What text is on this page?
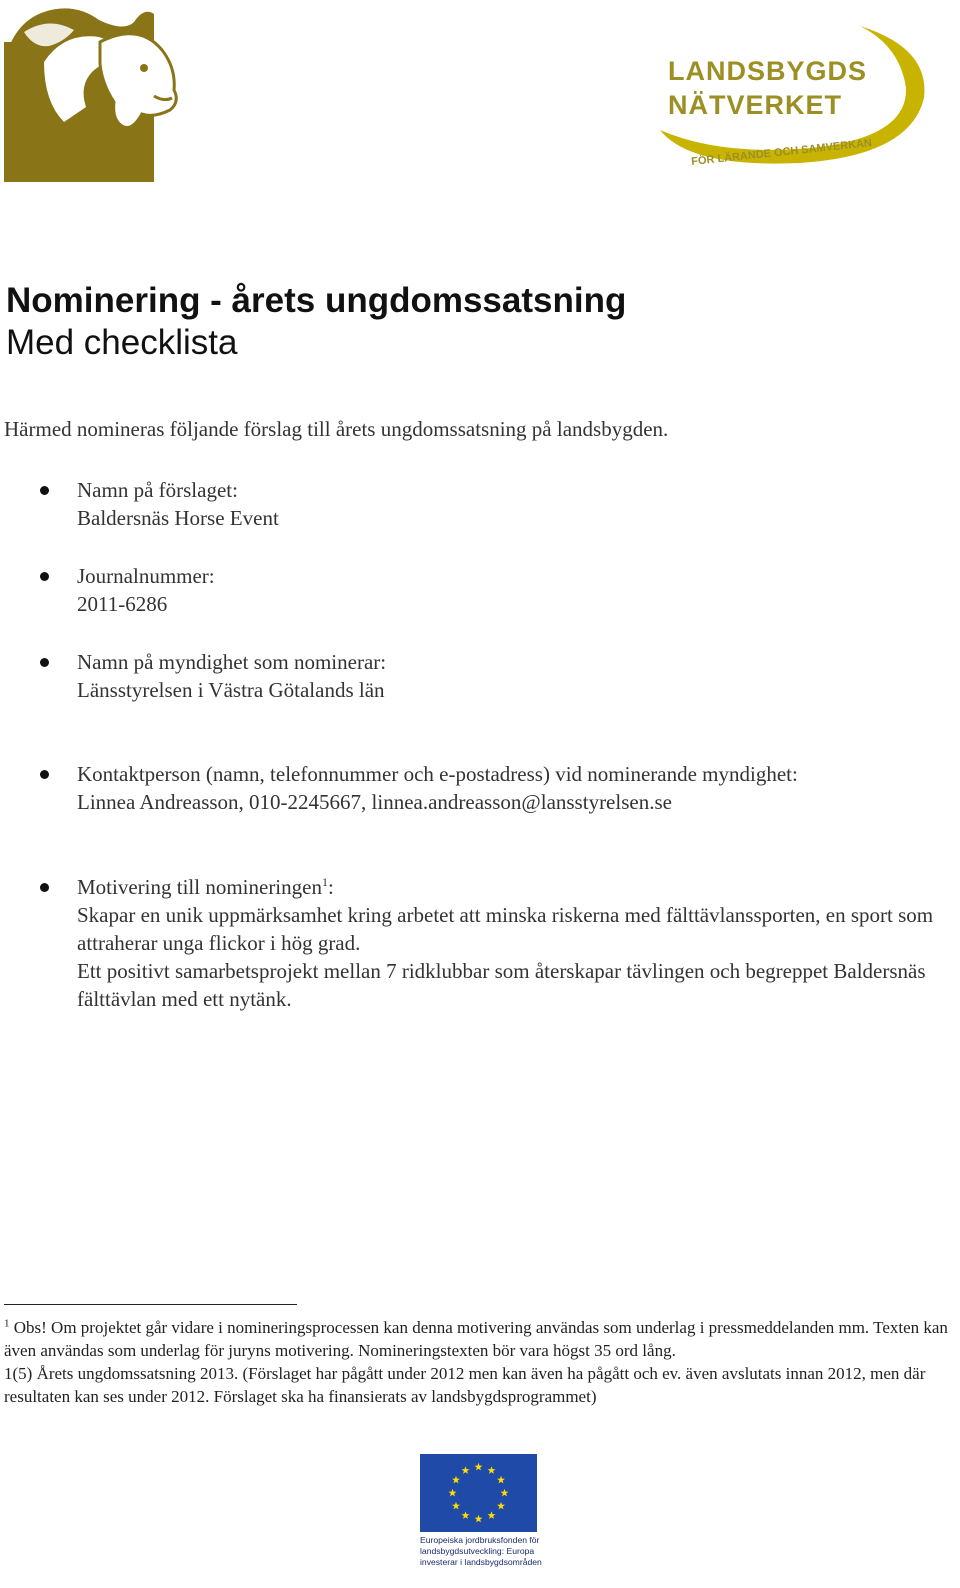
LANDSBYGDS
NÄTVERKET
FÖR LÄRANDE OCH SAMVERKAN
Nominering - årets ungdomssatsning
Med checklista

Härmed nomineras följande förslag till årets ungdomssatsning på landsbygden.

Namn på förslaget:

Baldersnäs Horse Event

Journalnummer:

2011-6286

Namn på myndighet som nominerar:

Länsstyrelsen i Västra Götalands län

Kontaktperson (namn, telefonnummer och e-postadress) vid nominerande myndighet:

Linnea Andreasson, 010-2245667, linnea.andreasson@lansstyrelsen.se

Motivering till nomineringen$^1$:

Skapar en unik uppmärksamhet kring arbetet att minska riskerna med fälttävlanssporten, en sport som attraherar unga flickor i hög grad.

Ett positivt samarbetsprojekt mellan 7 ridklubbar som återskapar tävlingen och begreppet Baldersnäs fälttävlan med ett nytänk.

$^1$ Obs! Om projektet går vidare i nomineringsprocessen kan denna motivering användas som underlag i pressmeddelanden mm. Texten kan även användas som underlag för juryns motivering. Nomineringstexten bör vara högst 35 ord lång.

1(5) Årets ungdomssatsning 2013. (Förslaget har pågått under 2012 men kan även ha pågått och ev. även avslutats innan 2012, men där resultaten kan ses under 2012. Förslaget ska ha finansierats av landsbygdsprogrammet)

Europeiska jordbruksfonden för

landsbygdsutveckling: Europa

investerar i landsbygdsområden
